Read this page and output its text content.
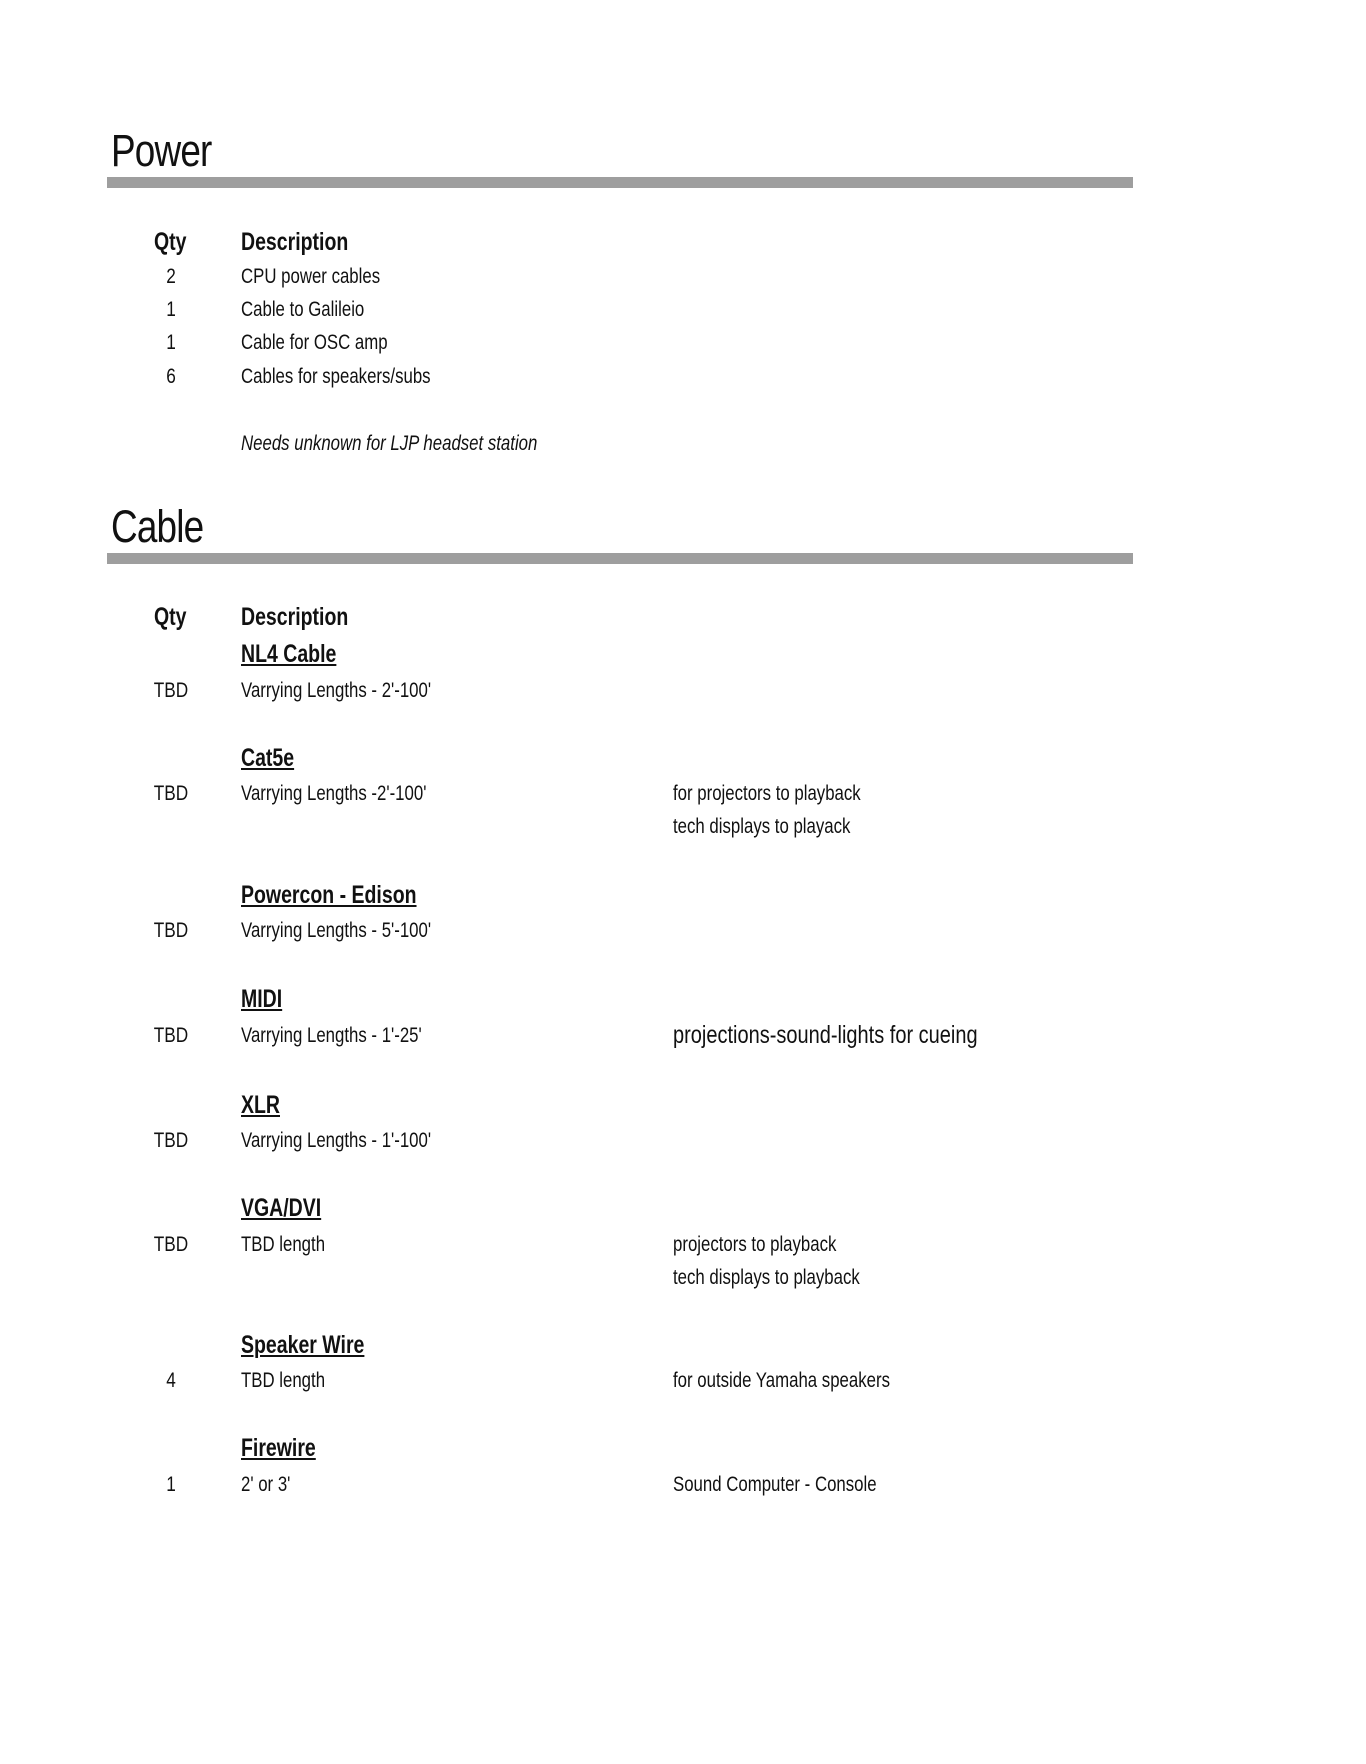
Power
Qty Description
2	CPU power cables
1	Cable to Galileio
1	Cable for OSC amp
6	Cables for speakers/subs
Needs unknown for LJP headset station
Cable
Qty Description
NL4 Cable
TBD	Varrying Lengths - 2'-100'
Cat5e
TBD	Varrying Lengths -2'-100'	for projectors to playback
tech displays to playack
Powercon - Edison
TBD	Varrying Lengths - 5'-100'
MIDI
TBD	Varrying Lengths - 1'-25'	projections-sound-lights for cueing
XLR
TBD	Varrying Lengths - 1'-100'
VGA/DVI
TBD	TBD length	projectors to playback
tech displays to playback
Speaker Wire
4	TBD length	for outside Yamaha speakers
Firewire
1	2' or 3'	Sound Computer - Console
